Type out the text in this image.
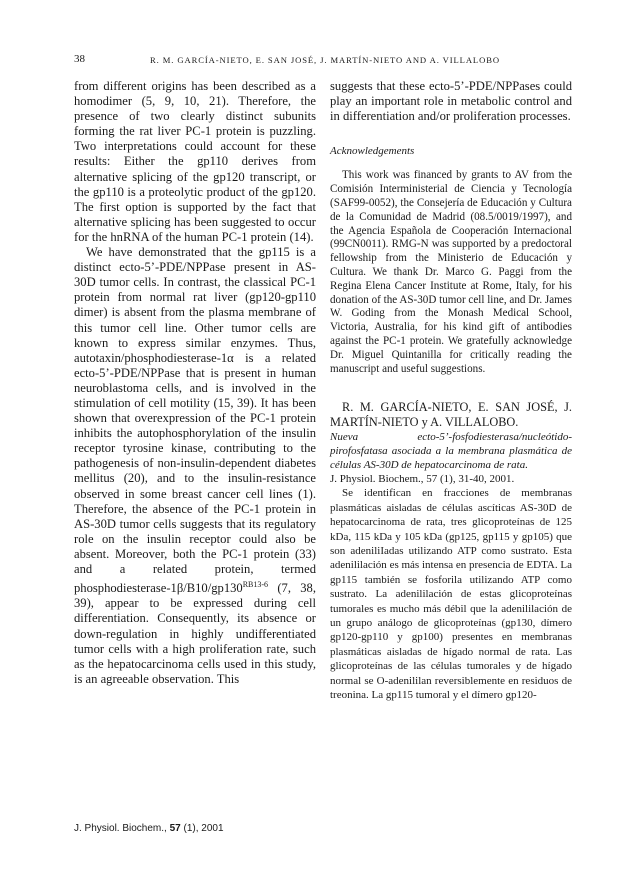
38	R. M. GARCÍA-NIETO, E. SAN JOSÉ, J. MARTÍN-NIETO AND A. VILLALOBO

from different origins has been described as a homodimer (5, 9, 10, 21). Therefore, the presence of two clearly distinct subunits forming the rat liver PC-1 protein is puzzling. Two interpretations could account for these results: Either the gp110 derives from alternative splicing of the gp120 transcript, or the gp110 is a proteolytic product of the gp120. The first option is supported by the fact that alternative splicing has been suggested to occur for the hnRNA of the human PC-1 protein (14).

We have demonstrated that the gp115 is a distinct ecto-5’-PDE/NPPase present in AS-30D tumor cells. In contrast, the classical PC-1 protein from normal rat liver (gp120-gp110 dimer) is absent from the plasma membrane of this tumor cell line. Other tumor cells are known to express similar enzymes. Thus, autotaxin/phosphodiesterase-1α is a related ecto-5’-PDE/NPPase that is present in human neuroblastoma cells, and is involved in the stimulation of cell motility (15, 39). It has been shown that overexpression of the PC-1 protein inhibits the autophosphorylation of the insulin receptor tyrosine kinase, contributing to the pathogenesis of non-insulin-dependent diabetes mellitus (20), and to the insulin-resistance observed in some breast cancer cell lines (1). Therefore, the absence of the PC-1 protein in AS-30D tumor cells suggests that its regulatory role on the insulin receptor could also be absent. Moreover, both the PC-1 protein (33) and a related protein, termed phosphodiesterase-$1\beta/B10/gp130^{RB13-6}$ (7, 38, 39), appear to be expressed during cell differentiation. Consequently, its absence or down-regulation in highly undifferentiated tumor cells with a high proliferation rate, such as the hepatocarcinoma cells used in this study, is an agreeable observation. This

suggests that these ecto-5’-PDE/NPPases could play an important role in metabolic control and in differentiation and/or proliferation processes.

Acknowledgements

This work was financed by grants to AV from the Comisión Interministerial de Ciencia y Tecnología (SAF99-0052), the Consejería de Educación y Cultura de la Comunidad de Madrid (08.5/0019/1997), and the Agencia Española de Cooperación Internacional (99CN0011). RMG-N was supported by a predoctoral fellowship from the Ministerio de Educación y Cultura. We thank Dr. Marco G. Paggi from the Regina Elena Cancer Institute at Rome, Italy, for his donation of the AS-30D tumor cell line, and Dr. James W. Goding from the Monash Medical School, Victoria, Australia, for his kind gift of antibodies against the PC-1 protein. We gratefully acknowledge Dr. Miguel Quintanilla for critically reading the manuscript and useful suggestions.

R. M. GARCÍA-NIETO, E. SAN JOSÉ, J. MARTÍN-NIETO y A. VILLALOBO.

Nueva ecto-5’-fosfodiesterasa/nucleótido-pirofosfatasa asociada a la membrana plasmática de células AS-30D de hepatocarcinoma de rata.

J. Physiol. Biochem., 57 (1), 31-40, 2001.

Se identifican en fracciones de membranas plasmáticas aisladas de células ascíticas AS-30D de hepatocarcinoma de rata, tres glicoproteínas de 125 kDa, 115 kDa y 105 kDa (gp125, gp115 y gp105) que son adeniliIadas utilizando ATP como sustrato. Esta adenililación es más intensa en presencia de EDTA. La gp115 también se fosforila utilizando ATP como sustrato. La adenililación de estas glicoproteínas tumorales es mucho más débil que la adenililación de un grupo análogo de glicoproteínas (gp130, dímero gp120-gp110 y gp100) presentes en membranas plasmáticas aisladas de hígado normal de rata. Las glicoproteínas de las células tumorales y de hígado normal se O-adenililan reversiblemente en residuos de treonina. La gp115 tumoral y el dímero gp120-

J. Physiol. Biochem., 57 (1), 2001
